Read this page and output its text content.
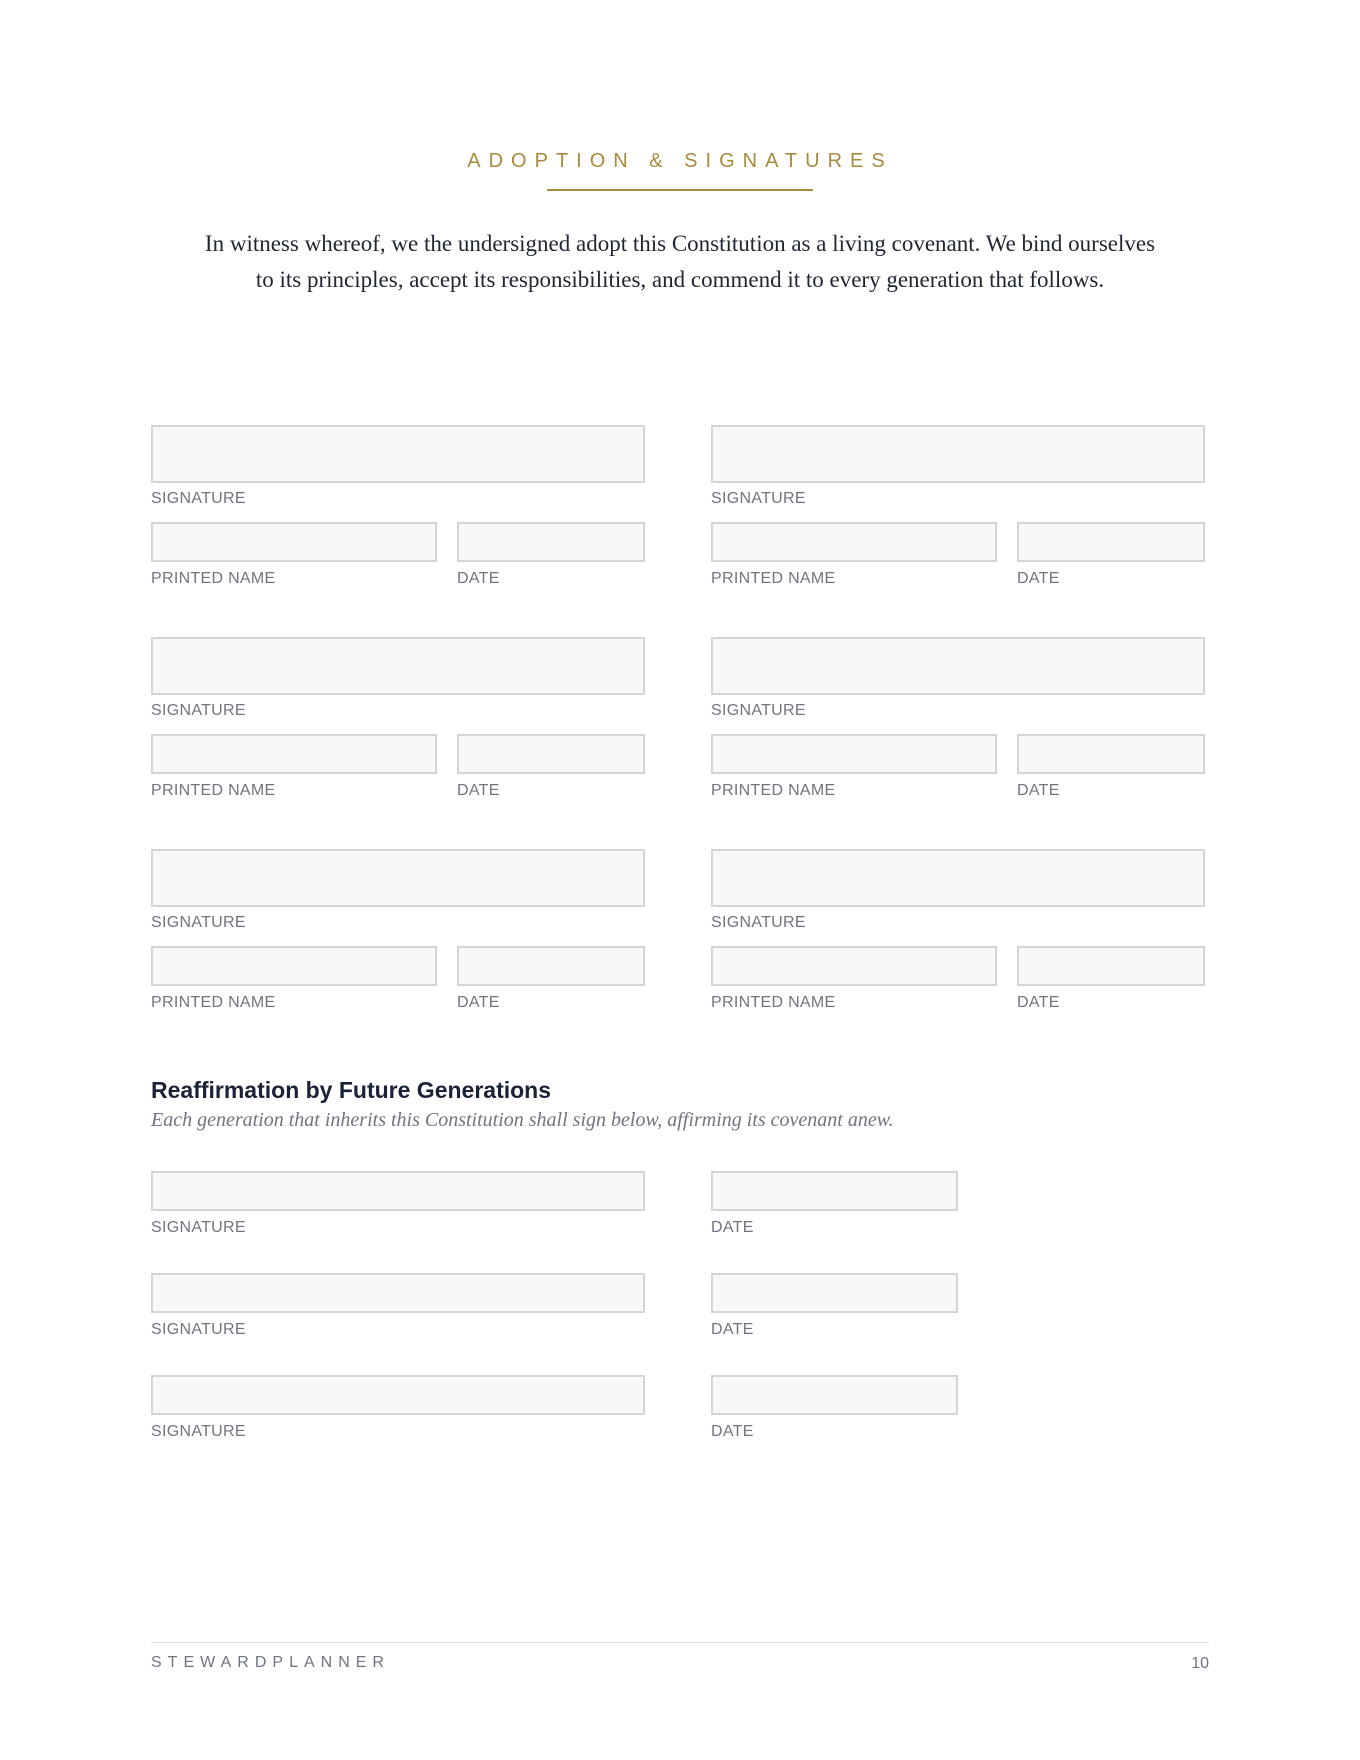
ADOPTION & SIGNATURES
In witness whereof, we the undersigned adopt this Constitution as a living covenant. We bind ourselves to its principles, accept its responsibilities, and commend it to every generation that follows.
SIGNATURE
PRINTED NAME	DATE
SIGNATURE
PRINTED NAME	DATE
SIGNATURE
PRINTED NAME	DATE
SIGNATURE
PRINTED NAME	DATE
SIGNATURE
PRINTED NAME	DATE
SIGNATURE
PRINTED NAME	DATE
Reaffirmation by Future Generations
Each generation that inherits this Constitution shall sign below, affirming its covenant anew.
SIGNATURE	DATE
SIGNATURE	DATE
SIGNATURE	DATE
STEWARDPLANNER	10
